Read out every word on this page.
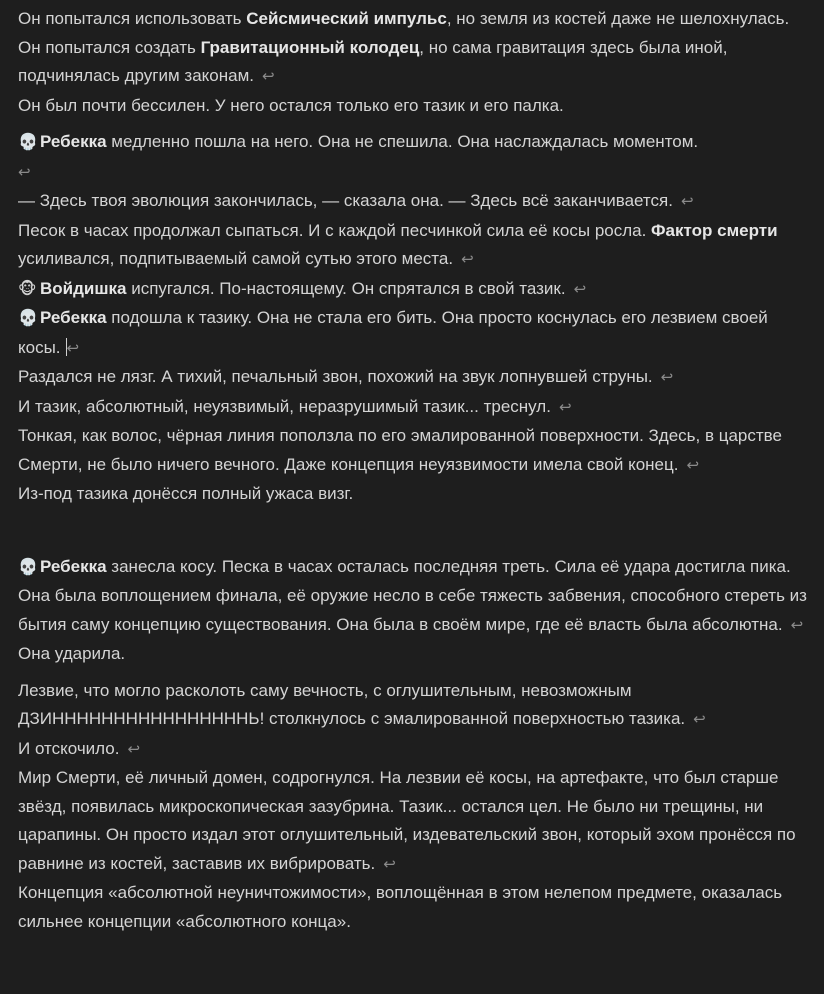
Он попытался использовать Сейсмический импульс, но земля из костей даже не шелохнулась. Он попытался создать Гравитационный колодец, но сама гравитация здесь была иной, подчинялась другим законам. ↩

Он был почти бессилен. У него остался только его тазик и его палка.

💀 Ребекка медленно пошла на него. Она не спешила. Она наслаждалась моментом.
↩

— Здесь твоя эволюция закончилась, — сказала она. — Здесь всё заканчивается. ↩

Песок в часах продолжал сыпаться. И с каждой песчинкой сила её косы росла. Фактор смерти усиливался, подпитываемый самой сутью этого места. ↩

🐵 Войдишка испугался. По-настоящему. Он спрятался в свой тазик. ↩

💀 Ребекка подошла к тазику. Она не стала его бить. Она просто коснулась его лезвием своей косы. ↩

Раздался не лязг. А тихий, печальный звон, похожий на звук лопнувшей струны. ↩

И тазик, абсолютный, неуязвимый, неразрушимый тазик... треснул. ↩

Тонкая, как волос, чёрная линия поползла по его эмалированной поверхности. Здесь, в царстве Смерти, не было ничего вечного. Даже концепция неуязвимости имела свой конец. ↩

Из-под тазика донёсся полный ужаса визг.

💀 Ребекка занесла косу. Песка в часах осталась последняя треть. Сила её удара достигла пика. Она была воплощением финала, её оружие несло в себе тяжесть забвения, способного стереть из бытия саму концепцию существования. Она была в своём мире, где её власть была абсолютна. ↩

Она ударила.

Лезвие, что могло расколоть саму вечность, с оглушительным, невозможным ДЗИННННННННННННННННЬ! столкнулось с эмалированной поверхностью тазика. ↩

И отскочило. ↩

Мир Смерти, её личный домен, содрогнулся. На лезвии её косы, на артефакте, что был старше звёзд, появилась микроскопическая зазубрина. Тазик... остался цел. Не было ни трещины, ни царапины. Он просто издал этот оглушительный, издевательский звон, который эхом пронёсся по равнине из костей, заставив их вибрировать. ↩

Концепция «абсолютной неуничтожимости», воплощённая в этом нелепом предмете, оказалась сильнее концепции «абсолютного конца».
